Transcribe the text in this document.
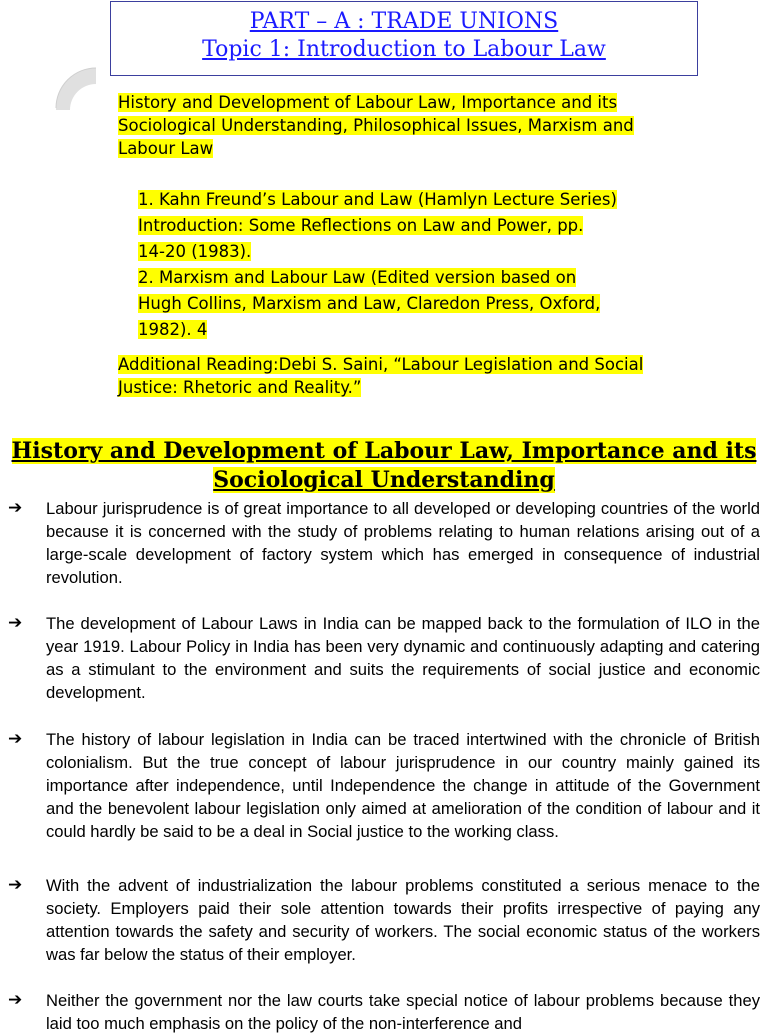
PART – A : TRADE UNIONS
Topic 1: Introduction to Labour Law
History and Development of Labour Law, Importance and its
Sociological Understanding, Philosophical Issues, Marxism and
Labour Law
1. Kahn Freund’s Labour and Law (Hamlyn Lecture Series)
Introduction: Some Reflections on Law and Power, pp.
14-20 (1983).
2. Marxism and Labour Law (Edited version based on
Hugh Collins, Marxism and Law, Claredon Press, Oxford,
1982). 4
Additional Reading:Debi S. Saini, “Labour Legislation and Social
Justice: Rhetoric and Reality.”
History and Development of Labour Law, Importance and its
Sociological Understanding
➔ Labour jurisprudence is of great importance to all developed or developing countries of the world because it is concerned with the study of problems relating to human relations arising out of a large-scale development of factory system which has emerged in consequence of industrial revolution.
➔ The development of Labour Laws in India can be mapped back to the formulation of ILO in the year 1919. Labour Policy in India has been very dynamic and continuously adapting and catering as a stimulant to the environment and suits the requirements of social justice and economic development.
➔ The history of labour legislation in India can be traced intertwined with the chronicle of British colonialism. But the true concept of labour jurisprudence in our country mainly gained its importance after independence, until Independence the change in attitude of the Government and the benevolent labour legislation only aimed at amelioration of the condition of labour and it could hardly be said to be a deal in Social justice to the working class.
➔ With the advent of industrialization the labour problems constituted a serious menace to the society. Employers paid their sole attention towards their profits irrespective of paying any attention towards the safety and security of workers. The social economic status of the workers was far below the status of their employer.
➔ Neither the government nor the law courts take special notice of labour problems because they laid too much emphasis on the policy of the non-interference and
